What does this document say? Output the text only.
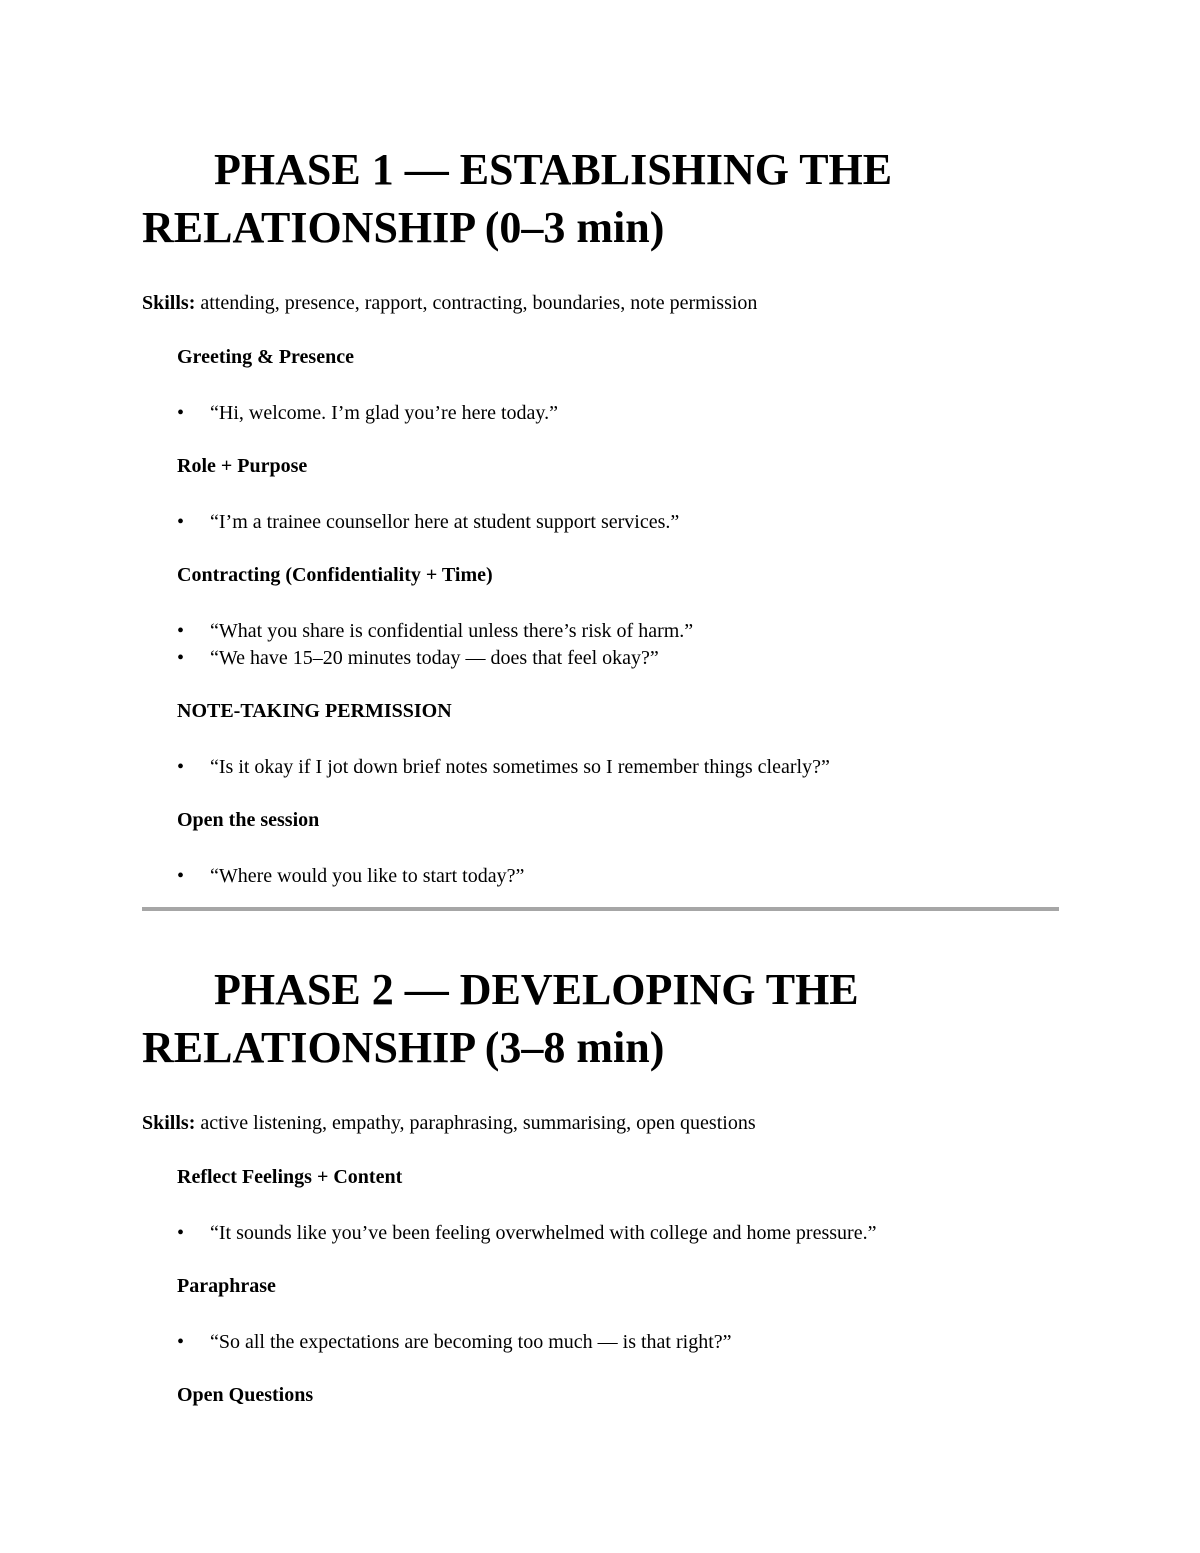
PHASE 1 — ESTABLISHING THE RELATIONSHIP (0–3 min)

Skills: attending, presence, rapport, contracting, boundaries, note permission

Greeting & Presence

• “Hi, welcome. I’m glad you’re here today.”

Role + Purpose

• “I’m a trainee counsellor here at student support services.”

Contracting (Confidentiality + Time)

• “What you share is confidential unless there’s risk of harm.”
• “We have 15–20 minutes today — does that feel okay?”

NOTE-TAKING PERMISSION

• “Is it okay if I jot down brief notes sometimes so I remember things clearly?”

Open the session

• “Where would you like to start today?”
PHASE 2 — DEVELOPING THE RELATIONSHIP (3–8 min)

Skills: active listening, empathy, paraphrasing, summarising, open questions

Reflect Feelings + Content

• “It sounds like you’ve been feeling overwhelmed with college and home pressure.”

Paraphrase

• “So all the expectations are becoming too much — is that right?”

Open Questions
